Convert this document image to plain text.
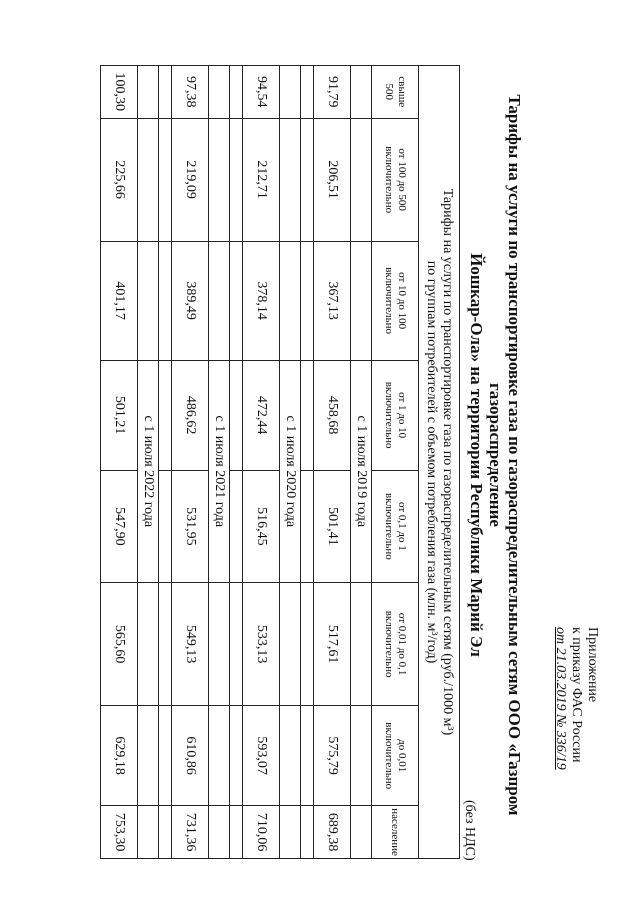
Приложение
к приказу ФАС России
от 21.03.2019 № 336/19
Тарифы на услуги по транспортировке газа по газораспределительным сетям ООО «Газпром газораспределение
Йошкар-Ола» на территории Республики Марий Эл
(без НДС)
Тарифы на услуги по транспортировке газа по газораспределительным сетям (руб./1000 м³)
по группам потребителей с объемом потребления газа (млн. м³/год)							

свыше 500	от 100 до 500 включительно	от 10 до 100 включительно	от 1 до 10 включительно	от 0,1 до 1 включительно	от 0,01 до 0,1 включительно	до 0,01 включительно	население
			с 1 июля 2019 года				
91,79	206,51	367,13	458,68	501,41	517,61	575,79	689,38

			с 1 июля 2020 года				
94,54	212,71	378,14	472,44	516,45	533,13	593,07	710,06

			с 1 июля 2021 года				
97,38	219,09	389,49	486,62	531,95	549,13	610,86	731,36

			с 1 июля 2022 года				
100,30	225,66	401,17	501,21	547,90	565,60	629,18	753,30
